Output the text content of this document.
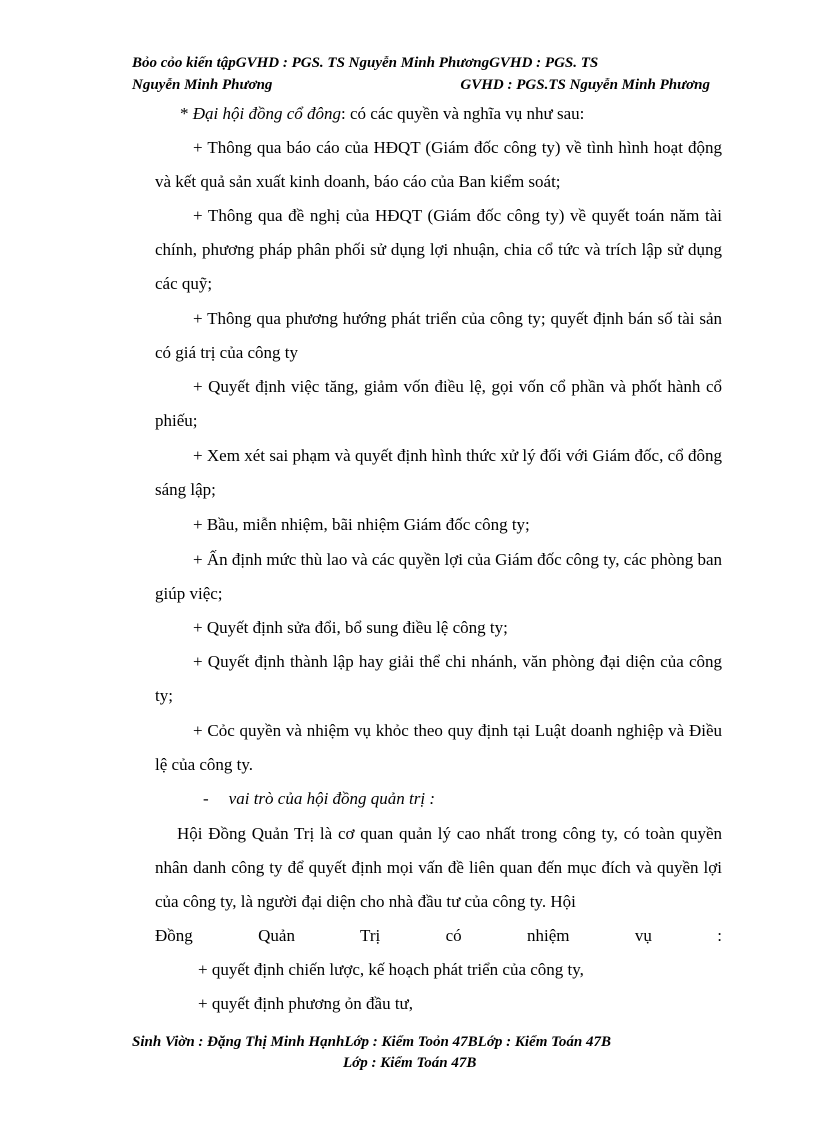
Bỏo cỏo kiến tậpGVHD : PGS. TS Nguyễn Minh PhươngGVHD : PGS. TS
Nguyễn Minh Phương	GVHD : PGS.TS Nguyễn Minh Phương

* Đại hội đồng cổ đông: có các quyền và nghĩa vụ như sau:

+ Thông qua báo cáo của HĐQT (Giám đốc công ty) về tình hình hoạt động và kết quả sản xuất kinh doanh, báo cáo của Ban kiểm soát;

+ Thông qua đề nghị của HĐQT (Giám đốc công ty) về quyết toán năm tài chính, phương pháp phân phối sử dụng lợi nhuận, chia cổ tức và trích lập sử dụng các quỹ;

+ Thông qua phương hướng phát triển của công ty; quyết định bán số tài sản có giá trị của công ty

+ Quyết định việc tăng, giảm vốn điều lệ, gọi vốn cổ phần và phốt hành cổ phiếu;

+ Xem xét sai phạm và quyết định hình thức xử lý đối với Giám đốc, cổ đông sáng lập;

+ Bầu, miễn nhiệm, bãi nhiệm Giám đốc công ty;

+ Ấn định mức thù lao và các quyền lợi của Giám đốc công ty, các phòng ban giúp việc;

+ Quyết định sửa đổi, bổ sung điều lệ công ty;

+ Quyết định thành lập hay giải thể chi nhánh, văn phòng đại diện của công ty;

+ Cỏc quyền và nhiệm vụ khỏc theo quy định tại Luật doanh nghiệp và Điều lệ của công ty.

- vai trò của hội đồng quản trị :

Hội Đồng Quản Trị là cơ quan quản lý cao nhất trong công ty, có toàn quyền nhân danh công ty để quyết định mọi vấn đề liên quan đến mục đích và quyền lợi của công ty, là người đại diện cho nhà đầu tư của công ty. Hội

Đồng Quản Trị có nhiệm vụ :

+ quyết định chiến lược, kế hoạch phát triển của công ty,

+ quyết định phương ỏn đầu tư,

Sinh Viờn : Đặng Thị Minh HạnhLớp : Kiểm Toỏn 47BLớp : Kiểm Toán 47B
Lớp : Kiểm Toán 47B
